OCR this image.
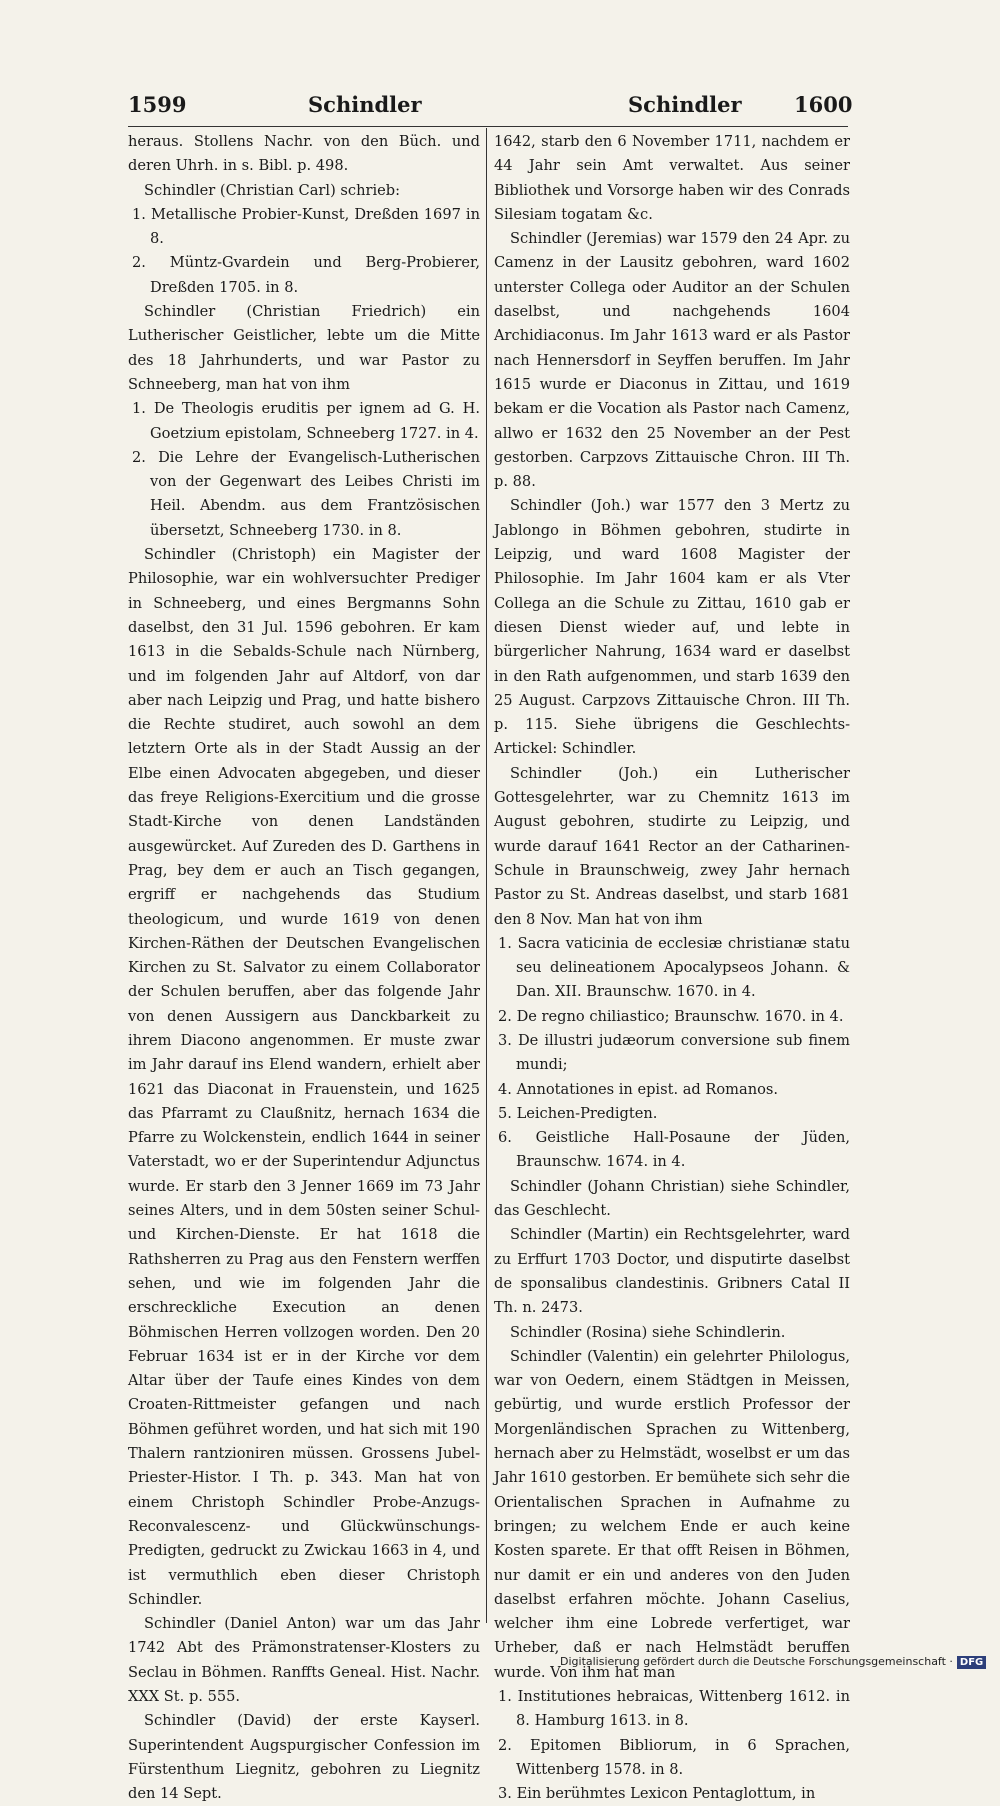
1599	Schindler	Schindler 1600

heraus. Stollens Nachr. von den Büch. und deren Uhrh. in s. Bibl. p. 498.

Schindler (Christian Carl) schrieb:

1. Metallische Probier-Kunst, Dreßden 1697 in 8.
2. Müntz-Gvardein und Berg-Probierer, Dreßden 1705. in 8.

Schindler (Christian Friedrich) ein Lutherischer Geistlicher, lebte um die Mitte des 18 Jahrhunderts, und war Pastor zu Schneeberg, man hat von ihm

1. De Theologis eruditis per ignem ad G. H. Goetzium epistolam, Schneeberg 1727. in 4.
2. Die Lehre der Evangelisch-Lutherischen von der Gegenwart des Leibes Christi im Heil. Abendm. aus dem Frantzösischen übersetzt, Schneeberg 1730. in 8.

Schindler (Christoph) ein Magister der Philosophie, war ein wohlversuchter Prediger in Schneeberg, und eines Bergmanns Sohn daselbst, den 31 Jul. 1596 gebohren. Er kam 1613 in die Sebalds-Schule nach Nürnberg, und im folgenden Jahr auf Altdorf, von dar aber nach Leipzig und Prag, und hatte bishero die Rechte studiret, auch sowohl an dem letztern Orte als in der Stadt Aussig an der Elbe einen Advocaten abgegeben, und dieser das freye Religions-Exercitium und die grosse Stadt-Kirche von denen Landständen ausgewürcket. Auf Zureden des D. Garthens in Prag, bey dem er auch an Tisch gegangen, ergriff er nachgehends das Studium theologicum, und wurde 1619 von denen Kirchen-Räthen der Deutschen Evangelischen Kirchen zu St. Salvator zu einem Collaborator der Schulen beruffen, aber das folgende Jahr von denen Aussigern aus Danckbarkeit zu ihrem Diacono angenommen. Er muste zwar im Jahr darauf ins Elend wandern, erhielt aber 1621 das Diaconat in Frauenstein, und 1625 das Pfarramt zu Claußnitz, hernach 1634 die Pfarre zu Wolckenstein, endlich 1644 in seiner Vaterstadt, wo er der Superintendur Adjunctus wurde. Er starb den 3 Jenner 1669 im 73 Jahr seines Alters, und in dem 50sten seiner Schul- und Kirchen-Dienste. Er hat 1618 die Rathsherren zu Prag aus den Fenstern werffen sehen, und wie im folgenden Jahr die erschreckliche Execution an denen Böhmischen Herren vollzogen worden. Den 20 Februar 1634 ist er in der Kirche vor dem Altar über der Taufe eines Kindes von dem Croaten-Rittmeister gefangen und nach Böhmen geführet worden, und hat sich mit 190 Thalern rantzioniren müssen. Grossens Jubel-Priester-Histor. I Th. p. 343. Man hat von einem Christoph Schindler Probe-Anzugs-Reconvalescenz- und Glückwünschungs-Predigten, gedruckt zu Zwickau 1663 in 4, und ist vermuthlich eben dieser Christoph Schindler.

Schindler (Daniel Anton) war um das Jahr 1742 Abt des Prämonstratenser-Klosters zu Seclau in Böhmen. Ranffts Geneal. Hist. Nachr. XXX St. p. 555.

Schindler (David) der erste Kayserl. Superintendent Augspurgischer Confession im Fürstenthum Liegnitz, gebohren zu Liegnitz den 14 Sept.

1642, starb den 6 November 1711, nachdem er 44 Jahr sein Amt verwaltet. Aus seiner Bibliothek und Vorsorge haben wir des Conrads Silesiam togatam &c.

Schindler (Jeremias) war 1579 den 24 Apr. zu Camenz in der Lausitz gebohren, ward 1602 unterster Collega oder Auditor an der Schulen daselbst, und nachgehends 1604 Archidiaconus. Im Jahr 1613 ward er als Pastor nach Hennersdorf in Seyffen beruffen. Im Jahr 1615 wurde er Diaconus in Zittau, und 1619 bekam er die Vocation als Pastor nach Camenz, allwo er 1632 den 25 November an der Pest gestorben. Carpzovs Zittauische Chron. III Th. p. 88.

Schindler (Joh.) war 1577 den 3 Mertz zu Jablongo in Böhmen gebohren, studirte in Leipzig, und ward 1608 Magister der Philosophie. Im Jahr 1604 kam er als Vter Collega an die Schule zu Zittau, 1610 gab er diesen Dienst wieder auf, und lebte in bürgerlicher Nahrung, 1634 ward er daselbst in den Rath aufgenommen, und starb 1639 den 25 August. Carpzovs Zittauische Chron. III Th. p. 115. Siehe übrigens die Geschlechts-Artickel: Schindler.

Schindler (Joh.) ein Lutherischer Gottesgelehrter, war zu Chemnitz 1613 im August gebohren, studirte zu Leipzig, und wurde darauf 1641 Rector an der Catharinen-Schule in Braunschweig, zwey Jahr hernach Pastor zu St. Andreas daselbst, und starb 1681 den 8 Nov. Man hat von ihm

1. Sacra vaticinia de ecclesiæ christianæ statu seu delineationem Apocalypseos Johann. & Dan. XII. Braunschw. 1670. in 4.
2. De regno chiliastico; Braunschw. 1670. in 4.
3. De illustri judæorum conversione sub finem mundi;
4. Annotationes in epist. ad Romanos.
5. Leichen-Predigten.
6. Geistliche Hall-Posaune der Jüden, Braunschw. 1674. in 4.

Schindler (Johann Christian) siehe Schindler, das Geschlecht.

Schindler (Martin) ein Rechtsgelehrter, ward zu Erffurt 1703 Doctor, und disputirte daselbst de sponsalibus clandestinis. Gribners Catal II Th. n. 2473.

Schindler (Rosina) siehe Schindlerin.

Schindler (Valentin) ein gelehrter Philologus, war von Oedern, einem Städtgen in Meissen, gebürtig, und wurde erstlich Professor der Morgenländischen Sprachen zu Wittenberg, hernach aber zu Helmstädt, woselbst er um das Jahr 1610 gestorben. Er bemühete sich sehr die Orientalischen Sprachen in Aufnahme zu bringen; zu welchem Ende er auch keine Kosten sparete. Er that offt Reisen in Böhmen, nur damit er ein und anderes von den Juden daselbst erfahren möchte. Johann Caselius, welcher ihm eine Lobrede verfertiget, war Urheber, daß er nach Helmstädt beruffen wurde. Von ihm hat man

1. Institutiones hebraicas, Wittenberg 1612. in 8. Hamburg 1613. in 8.
2. Epitomen Bibliorum, in 6 Sprachen, Wittenberg 1578. in 8.
3. Ein berühmtes Lexicon Pentaglottum, in
Digitalisierung gefördert durch die Deutsche Forschungsgemeinschaft · DFG
